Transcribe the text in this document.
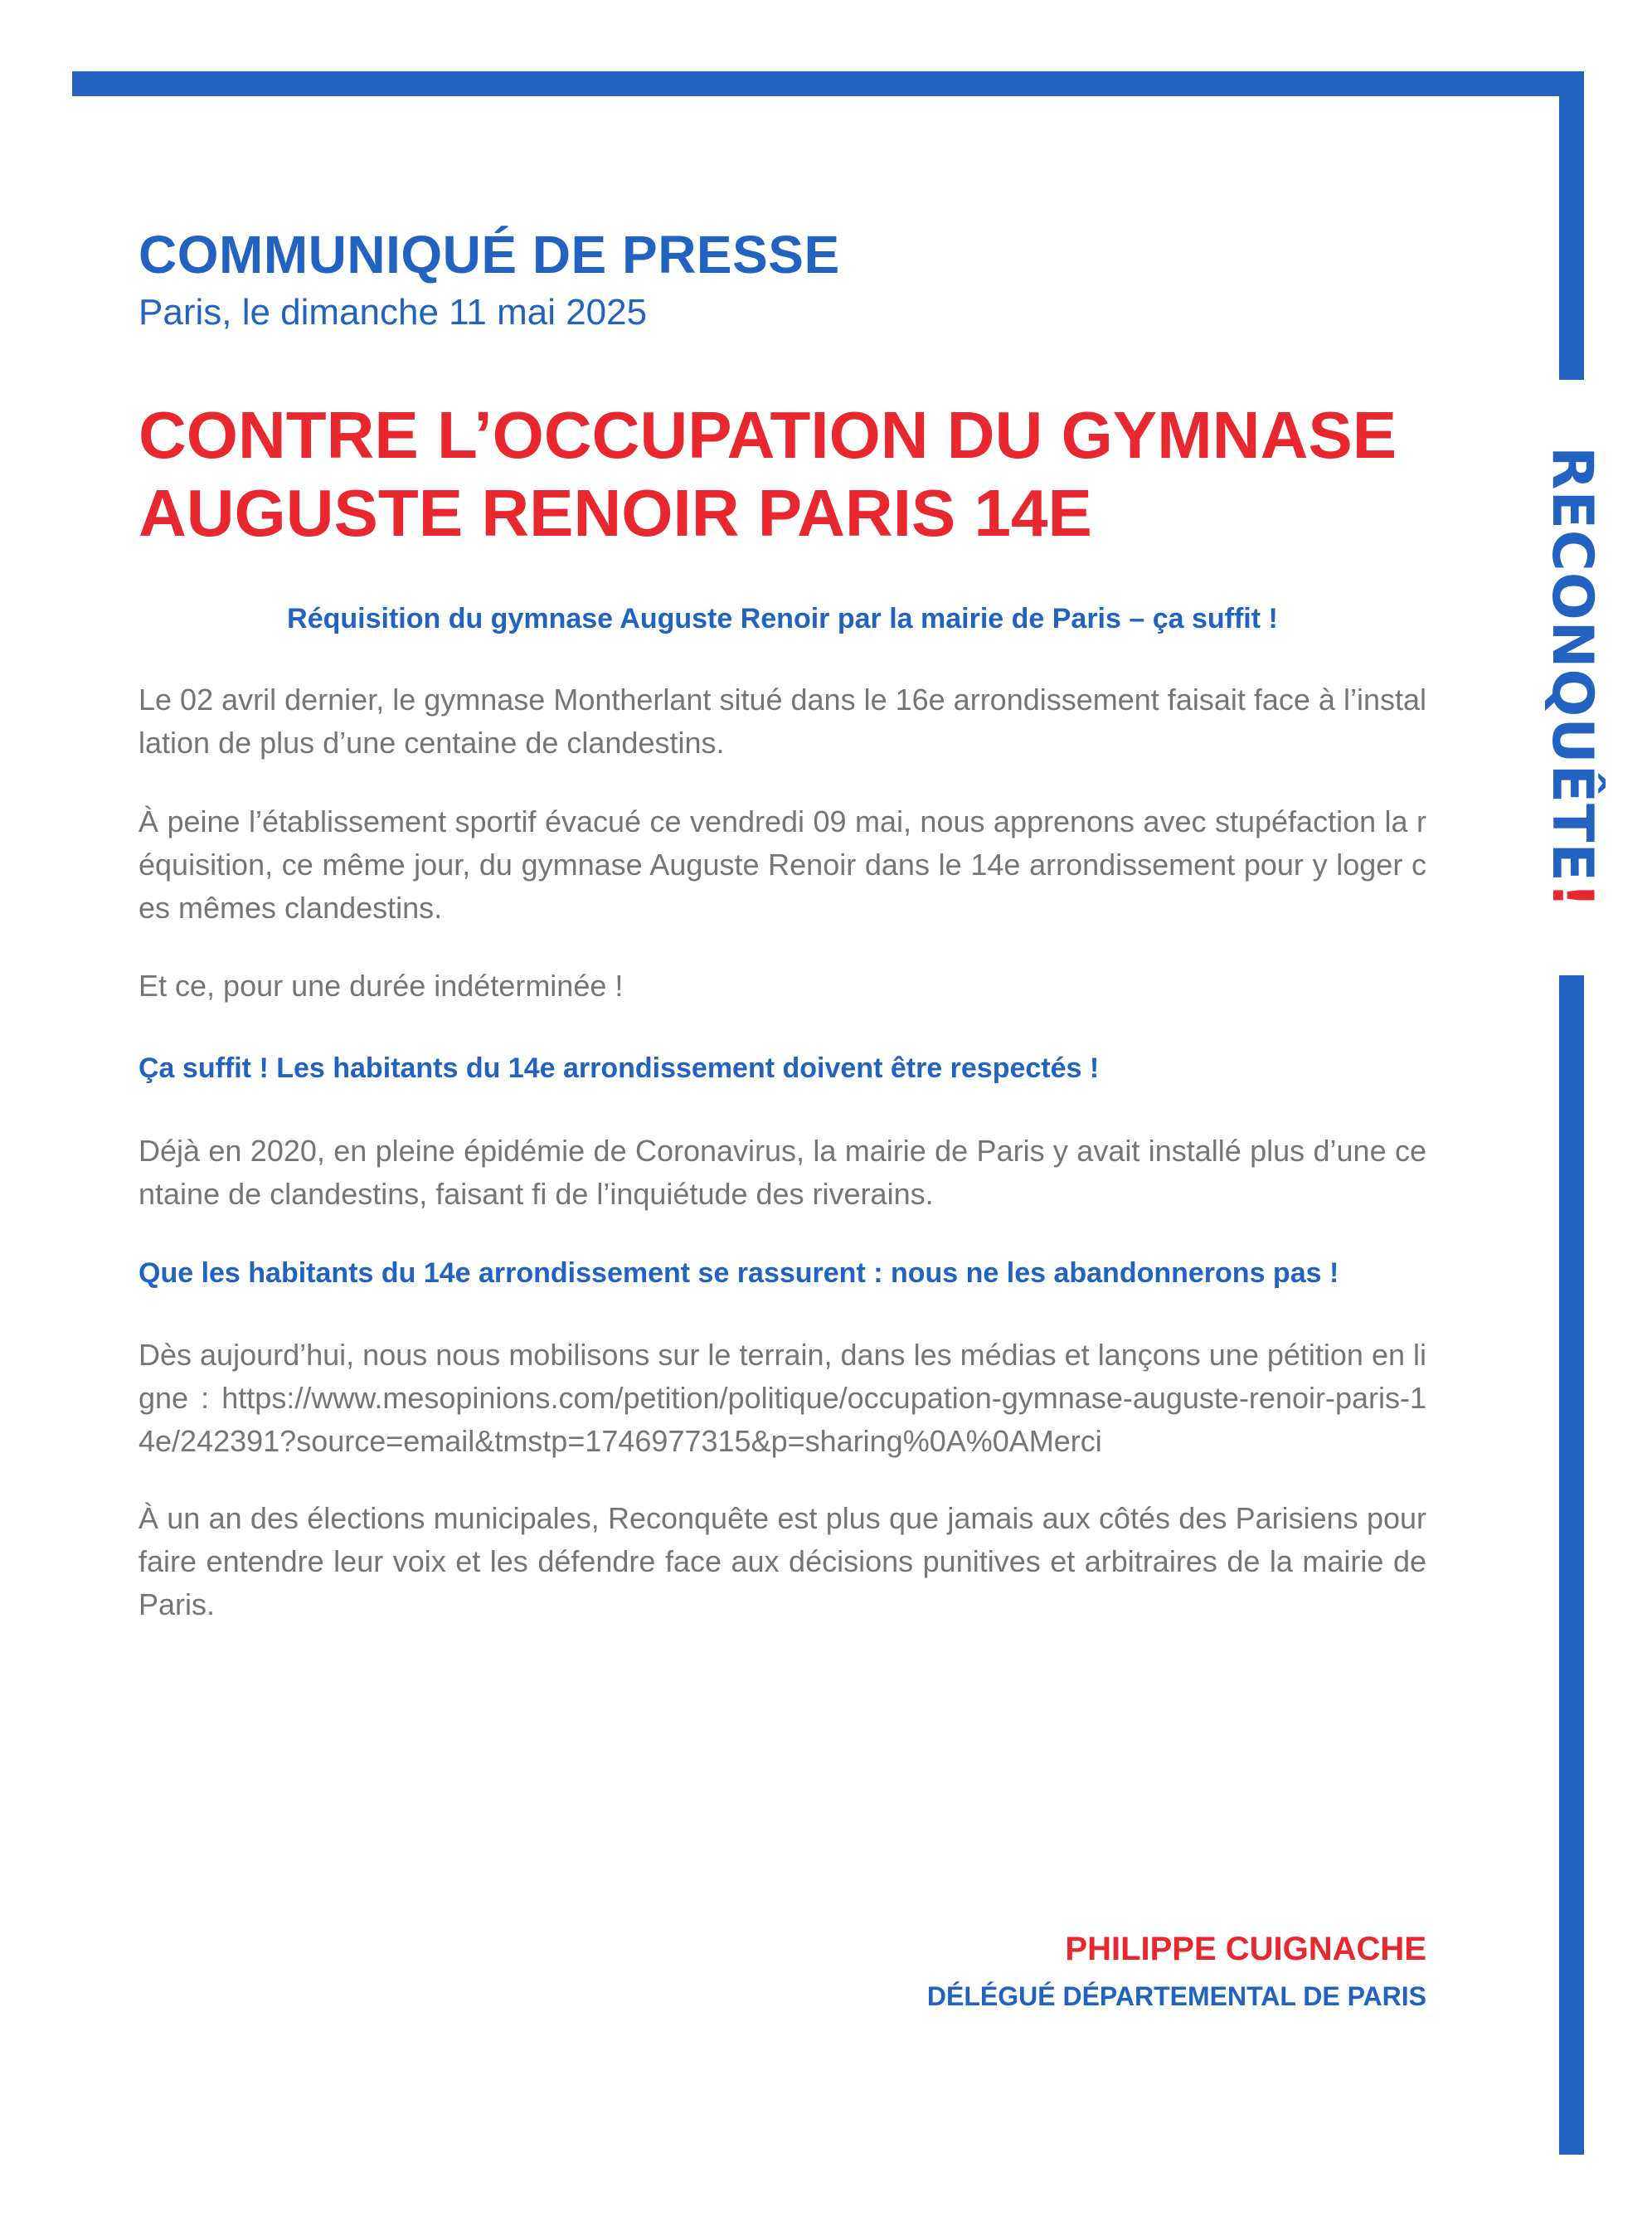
RECONQUÊTE!
COMMUNIQUÉ DE PRESSE
Paris, le dimanche 11 mai 2025
CONTRE L’OCCUPATION DU GYMNASE
AUGUSTE RENOIR PARIS 14E
Réquisition du gymnase Auguste Renoir par la mairie de Paris – ça suffit !

Le 02 avril dernier, le gymnase Montherlant situé dans le 16e arrondissement faisait face à l’installation de plus d’une centaine de clandestins.

À peine l’établissement sportif évacué ce vendredi 09 mai, nous apprenons avec stupéfaction la réquisition, ce même jour, du gymnase Auguste Renoir dans le 14e arrondissement pour y loger ces mêmes clandestins.

Et ce, pour une durée indéterminée !

Ça suffit ! Les habitants du 14e arrondissement doivent être respectés !

Déjà en 2020, en pleine épidémie de Coronavirus, la mairie de Paris y avait installé plus d’une centaine de clandestins, faisant fi de l’inquiétude des riverains.

Que les habitants du 14e arrondissement se rassurent : nous ne les abandonnerons pas !

Dès aujourd’hui, nous nous mobilisons sur le terrain, dans les médias et lançons une pétition en ligne : https://www.mesopinions.com/petition/politique/occupation-gymnase-auguste-renoir-paris-14e/242391?source=email&tmstp=1746977315&p=sharing%0A%0AMerci

À un an des élections municipales, Reconquête est plus que jamais aux côtés des Parisiens pour faire entendre leur voix et les défendre face aux décisions punitives et arbitraires de la mairie de Paris.

PHILIPPE CUIGNACHE
DÉLÉGUÉ DÉPARTEMENTAL DE PARIS
